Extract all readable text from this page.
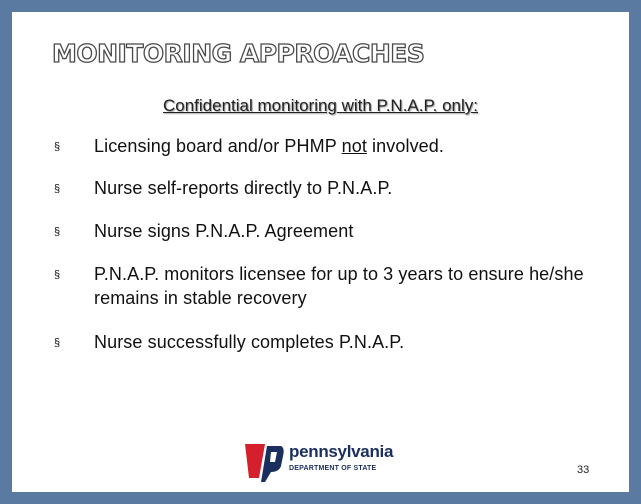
MONITORING APPROACHES
Confidential monitoring with P.N.A.P. only:
§	Licensing board and/or PHMP not involved.
§	Nurse self-reports directly to P.N.A.P.
§	Nurse signs P.N.A.P. Agreement
§	P.N.A.P. monitors licensee for up to 3 years to ensure he/she remains in stable recovery
§	Nurse successfully completes P.N.A.P.
pennsylvania
DEPARTMENT OF STATE	33
